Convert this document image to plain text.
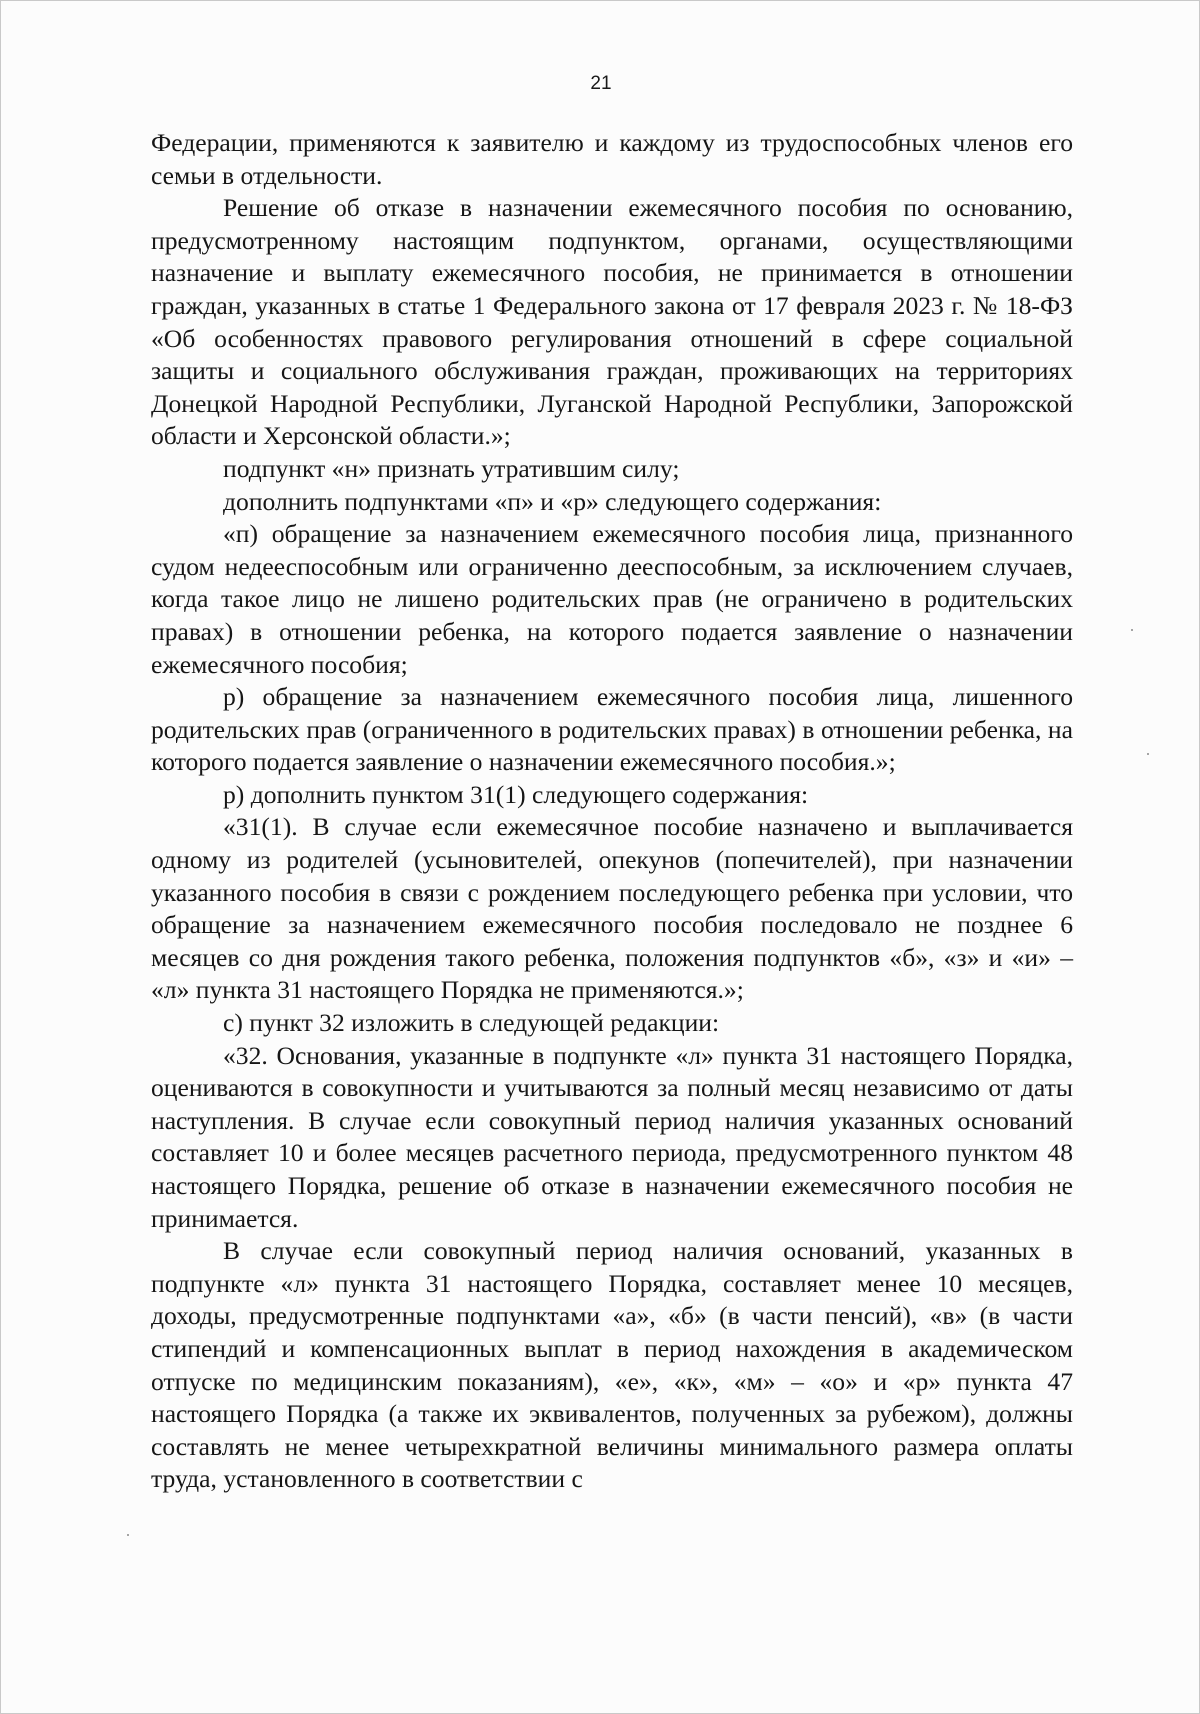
21

Федерации, применяются к заявителю и каждому из трудоспособных членов его семьи в отдельности.

Решение об отказе в назначении ежемесячного пособия по основанию, предусмотренному настоящим подпунктом, органами, осуществляющими назначение и выплату ежемесячного пособия, не принимается в отношении граждан, указанных в статье 1 Федерального закона от 17 февраля 2023 г. № 18-ФЗ «Об особенностях правового регулирования отношений в сфере социальной защиты и социального обслуживания граждан, проживающих на территориях Донецкой Народной Республики, Луганской Народной Республики, Запорожской области и Херсонской области.»;

подпункт «н» признать утратившим силу;

дополнить подпунктами «п» и «р» следующего содержания:

«п) обращение за назначением ежемесячного пособия лица, признанного судом недееспособным или ограниченно дееспособным, за исключением случаев, когда такое лицо не лишено родительских прав (не ограничено в родительских правах) в отношении ребенка, на которого подается заявление о назначении ежемесячного пособия;

р) обращение за назначением ежемесячного пособия лица, лишенного родительских прав (ограниченного в родительских правах) в отношении ребенка, на которого подается заявление о назначении ежемесячного пособия.»;

р) дополнить пунктом 31(1) следующего содержания:

«31(1). В случае если ежемесячное пособие назначено и выплачивается одному из родителей (усыновителей, опекунов (попечителей), при назначении указанного пособия в связи с рождением последующего ребенка при условии, что обращение за назначением ежемесячного пособия последовало не позднее 6 месяцев со дня рождения такого ребенка, положения подпунктов «б», «з» и «и» – «л» пункта 31 настоящего Порядка не применяются.»;

с) пункт 32 изложить в следующей редакции:

«32. Основания, указанные в подпункте «л» пункта 31 настоящего Порядка, оцениваются в совокупности и учитываются за полный месяц независимо от даты наступления. В случае если совокупный период наличия указанных оснований составляет 10 и более месяцев расчетного периода, предусмотренного пунктом 48 настоящего Порядка, решение об отказе в назначении ежемесячного пособия не принимается.

В случае если совокупный период наличия оснований, указанных в подпункте «л» пункта 31 настоящего Порядка, составляет менее 10 месяцев, доходы, предусмотренные подпунктами «а», «б» (в части пенсий), «в» (в части стипендий и компенсационных выплат в период нахождения в академическом отпуске по медицинским показаниям), «е», «к», «м» – «о» и «р» пункта 47 настоящего Порядка (а также их эквивалентов, полученных за рубежом), должны составлять не менее четырехкратной величины минимального размера оплаты труда, установленного в соответствии с
